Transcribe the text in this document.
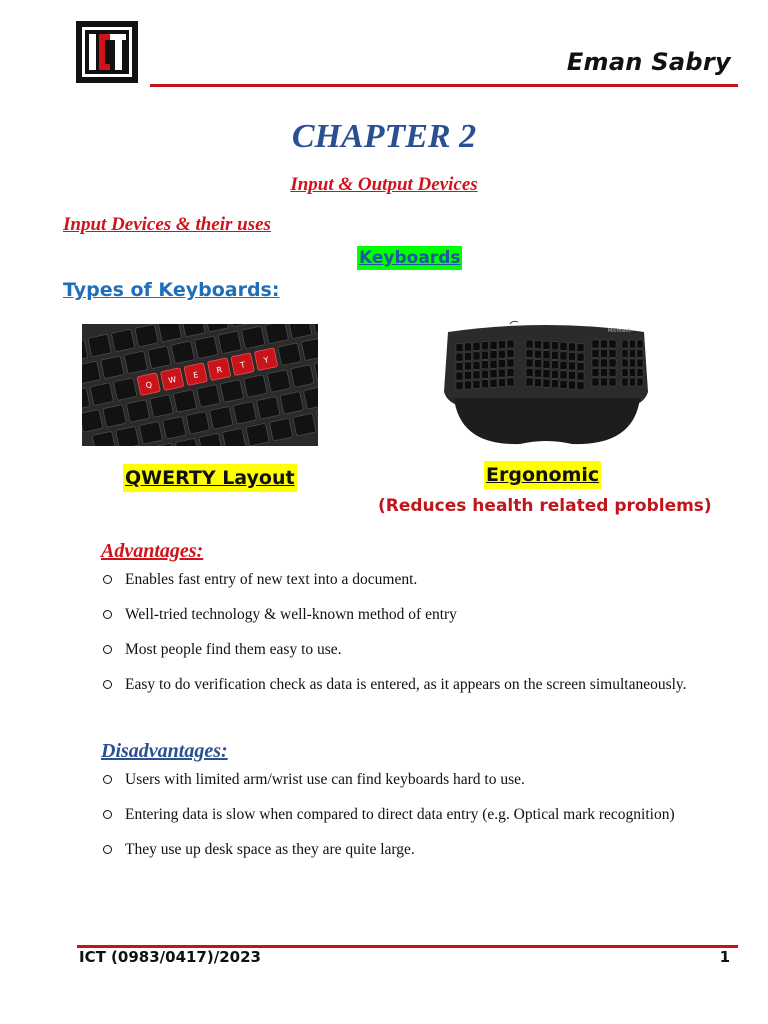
Eman Sabry
CHAPTER 2
Input & Output Devices
Input Devices & their uses
Keyboards
Types of Keyboards:
Q W E
R
T
Y
Microsoft
QWERTY Layout	Ergonomic
(Reduces health related problems)
Advantages:
Enables fast entry of new text into a document.
Well-tried technology & well-known method of entry
Most people find them easy to use.
Easy to do verification check as data is entered, as it appears on the screen simultaneously.
Disadvantages:
Users with limited arm/wrist use can find keyboards hard to use.
Entering data is slow when compared to direct data entry (e.g. Optical mark recognition)
They use up desk space as they are quite large.
ICT (0983/0417)/2023	1
